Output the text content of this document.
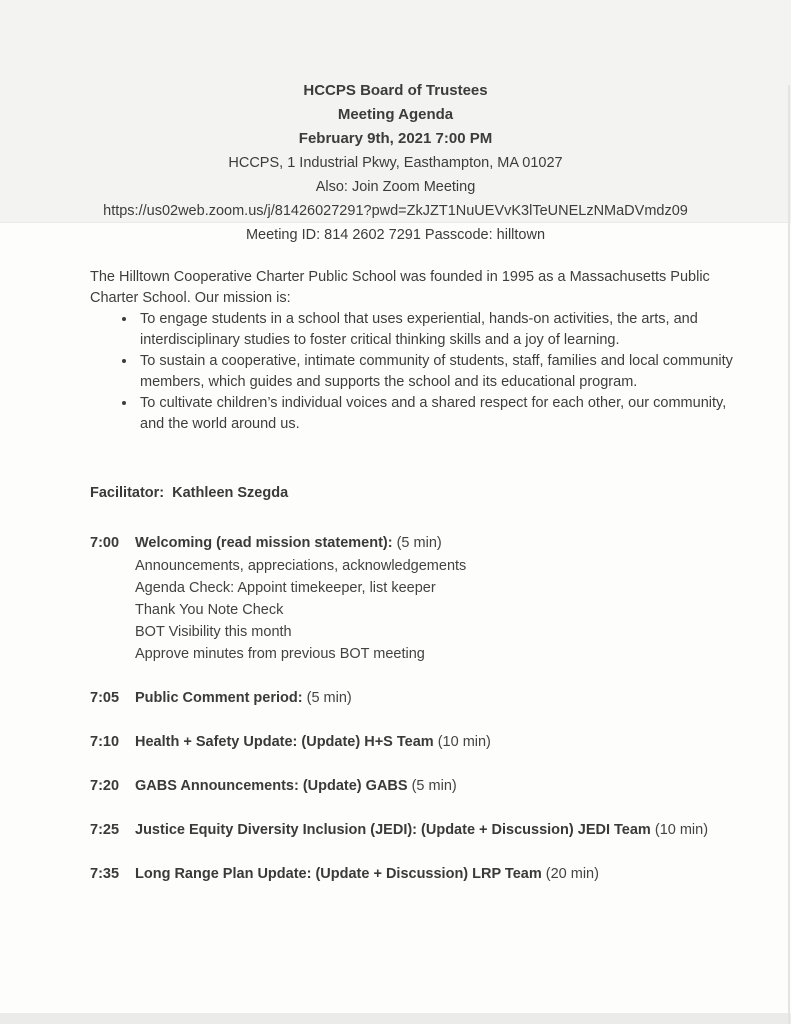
HCCPS Board of Trustees
Meeting Agenda
February 9th, 2021 7:00 PM
HCCPS, 1 Industrial Pkwy, Easthampton, MA 01027
Also: Join Zoom Meeting
https://us02web.zoom.us/j/81426027291?pwd=ZkJZT1NuUEVvK3lTeUNELzNMaDVmdz09
Meeting ID: 814 2602 7291 Passcode: hilltown

The Hilltown Cooperative Charter Public School was founded in 1995 as a Massachusetts Public Charter School. Our mission is:

• To engage students in a school that uses experiential, hands-on activities, the arts, and interdisciplinary studies to foster critical thinking skills and a joy of learning.
• To sustain a cooperative, intimate community of students, staff, families and local community members, which guides and supports the school and its educational program.
• To cultivate children’s individual voices and a shared respect for each other, our community, and the world around us.
Facilitator: Kathleen Szegda
7:00	Welcoming (read mission statement): (5 min)
Announcements, appreciations, acknowledgements
Agenda Check: Appoint timekeeper, list keeper
Thank You Note Check
BOT Visibility this month
Approve minutes from previous BOT meeting
7:05	Public Comment period: (5 min)
7:10	Health + Safety Update: (Update) H+S Team (10 min)
7:20	GABS Announcements: (Update) GABS (5 min)
7:25	Justice Equity Diversity Inclusion (JEDI): (Update + Discussion) JEDI Team (10 min)
7:35	Long Range Plan Update: (Update + Discussion) LRP Team (20 min)
